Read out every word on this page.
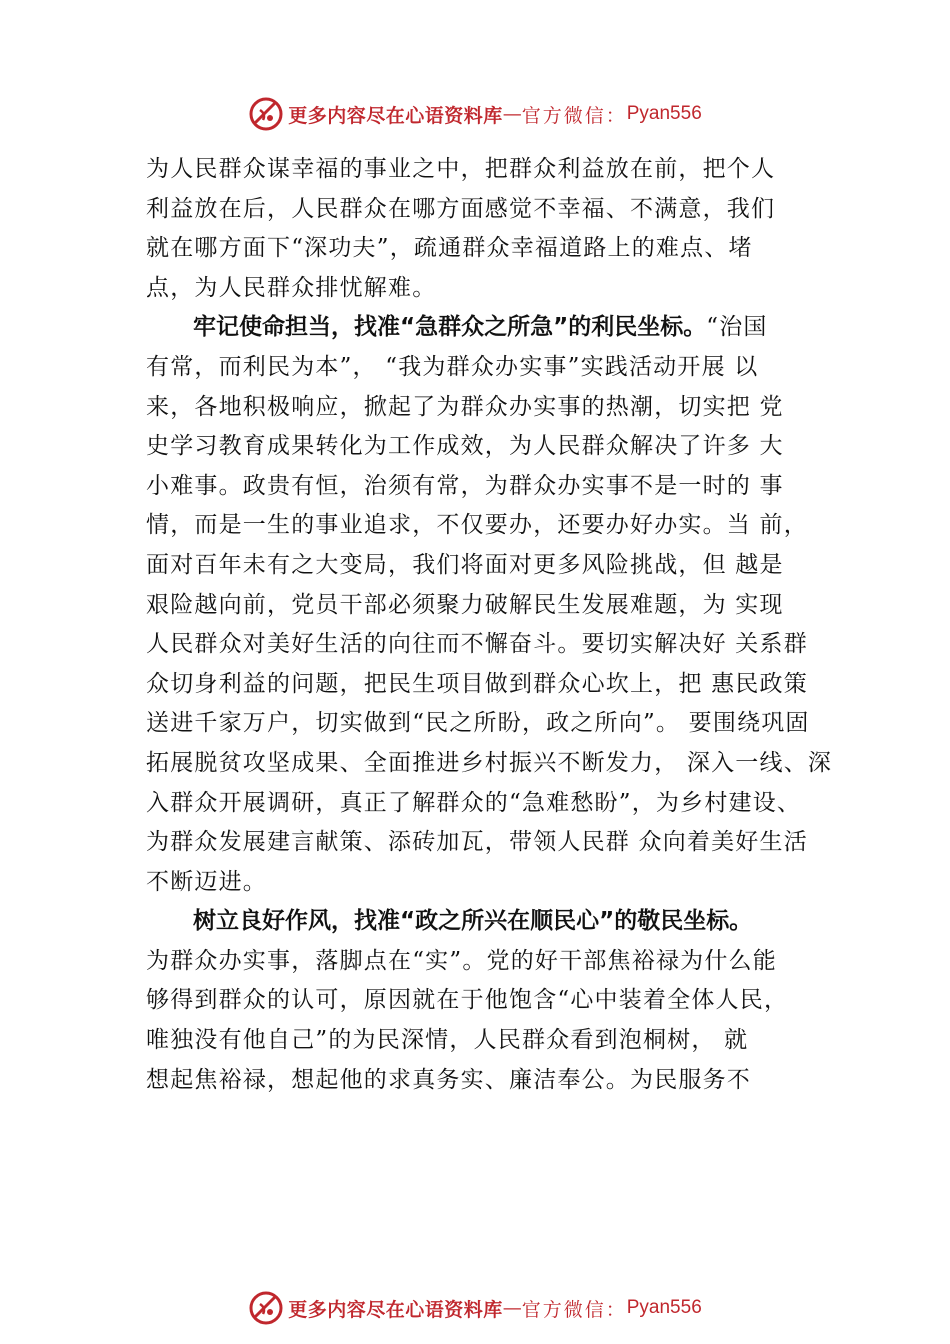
更多内容尽在心语资料库 — 官方微信： Pyan556
为人民群众谋幸福的事业之中，把群众利益放在前，把个人
利益放在后，人民群众在哪方面感觉不幸福、不满意，我们
就在哪方面下“深功夫”，疏通群众幸福道路上的难点、堵
点，为人民群众排忧解难。
牢记使命担当，找准“急群众之所急”的利民坐标。“治国
有常，而利民为本”， “我为群众办实事”实践活动开展 以
来，各地积极响应，掀起了为群众办实事的热潮，切实把 党
史学习教育成果转化为工作成效，为人民群众解决了许多 大
小难事。政贵有恒，治须有常，为群众办实事不是一时的 事
情，而是一生的事业追求，不仅要办，还要办好办实。当 前，
面对百年未有之大变局，我们将面对更多风险挑战，但 越是
艰险越向前，党员干部必须聚力破解民生发展难题，为 实现
人民群众对美好生活的向往而不懈奋斗。要切实解决好 关系群
众切身利益的问题，把民生项目做到群众心坎上，把 惠民政策
送进千家万户，切实做到“民之所盼，政之所向”。 要围绕巩固
拓展脱贫攻坚成果、全面推进乡村振兴不断发力， 深入一线、深
入群众开展调研，真正了解群众的“急难愁盼”，为乡村建设、
为群众发展建言献策、添砖加瓦，带领人民群 众向着美好生活
不断迈进。
树立良好作风，找准“政之所兴在顺民心”的敬民坐标。
为群众办实事，落脚点在“实”。党的好干部焦裕禄为什么能
够得到群众的认可，原因就在于他饱含“心中装着全体人民，
唯独没有他自己”的为民深情，人民群众看到泡桐树， 就
想起焦裕禄，想起他的求真务实、廉洁奉公。为民服务不
更多内容尽在心语资料库 — 官方微信： Pyan556
